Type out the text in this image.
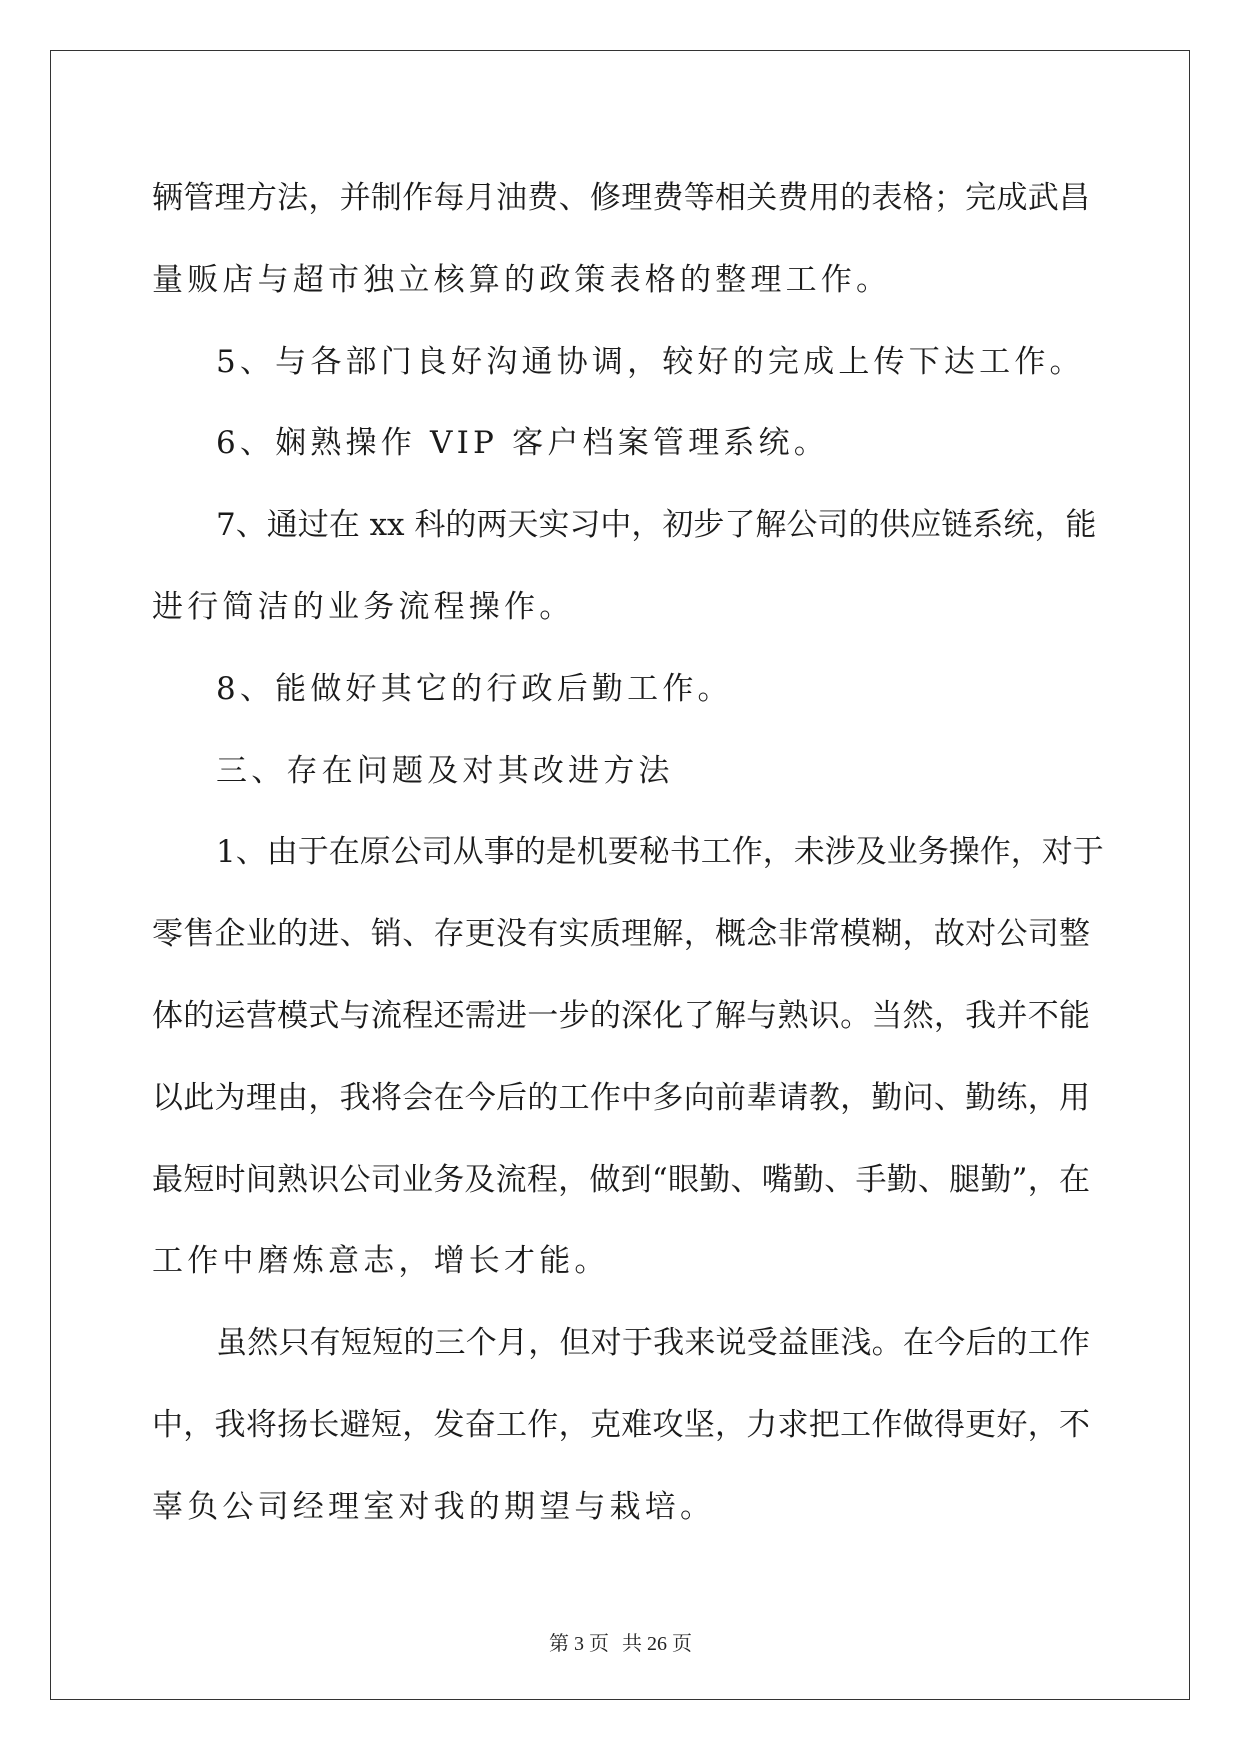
辆管理方法，并制作每月油费、修理费等相关费用的表格；完成武昌
量贩店与超市独立核算的政策表格的整理工作。
5、与各部门良好沟通协调，较好的完成上传下达工作。
6、娴熟操作 VIP 客户档案管理系统。
7、通过在 xx 科的两天实习中，初步了解公司的供应链系统，能
进行简洁的业务流程操作。
8、能做好其它的行政后勤工作。
三、存在问题及对其改进方法
1、由于在原公司从事的是机要秘书工作，未涉及业务操作，对于
零售企业的进、销、存更没有实质理解，概念非常模糊，故对公司整
体的运营模式与流程还需进一步的深化了解与熟识。当然，我并不能
以此为理由，我将会在今后的工作中多向前辈请教，勤问、勤练，用
最短时间熟识公司业务及流程，做到“眼勤、嘴勤、手勤、腿勤”，在
工作中磨炼意志，增长才能。
虽然只有短短的三个月，但对于我来说受益匪浅。在今后的工作
中，我将扬长避短，发奋工作，克难攻坚，力求把工作做得更好，不
辜负公司经理室对我的期望与栽培。
第 3 页 共 26 页
